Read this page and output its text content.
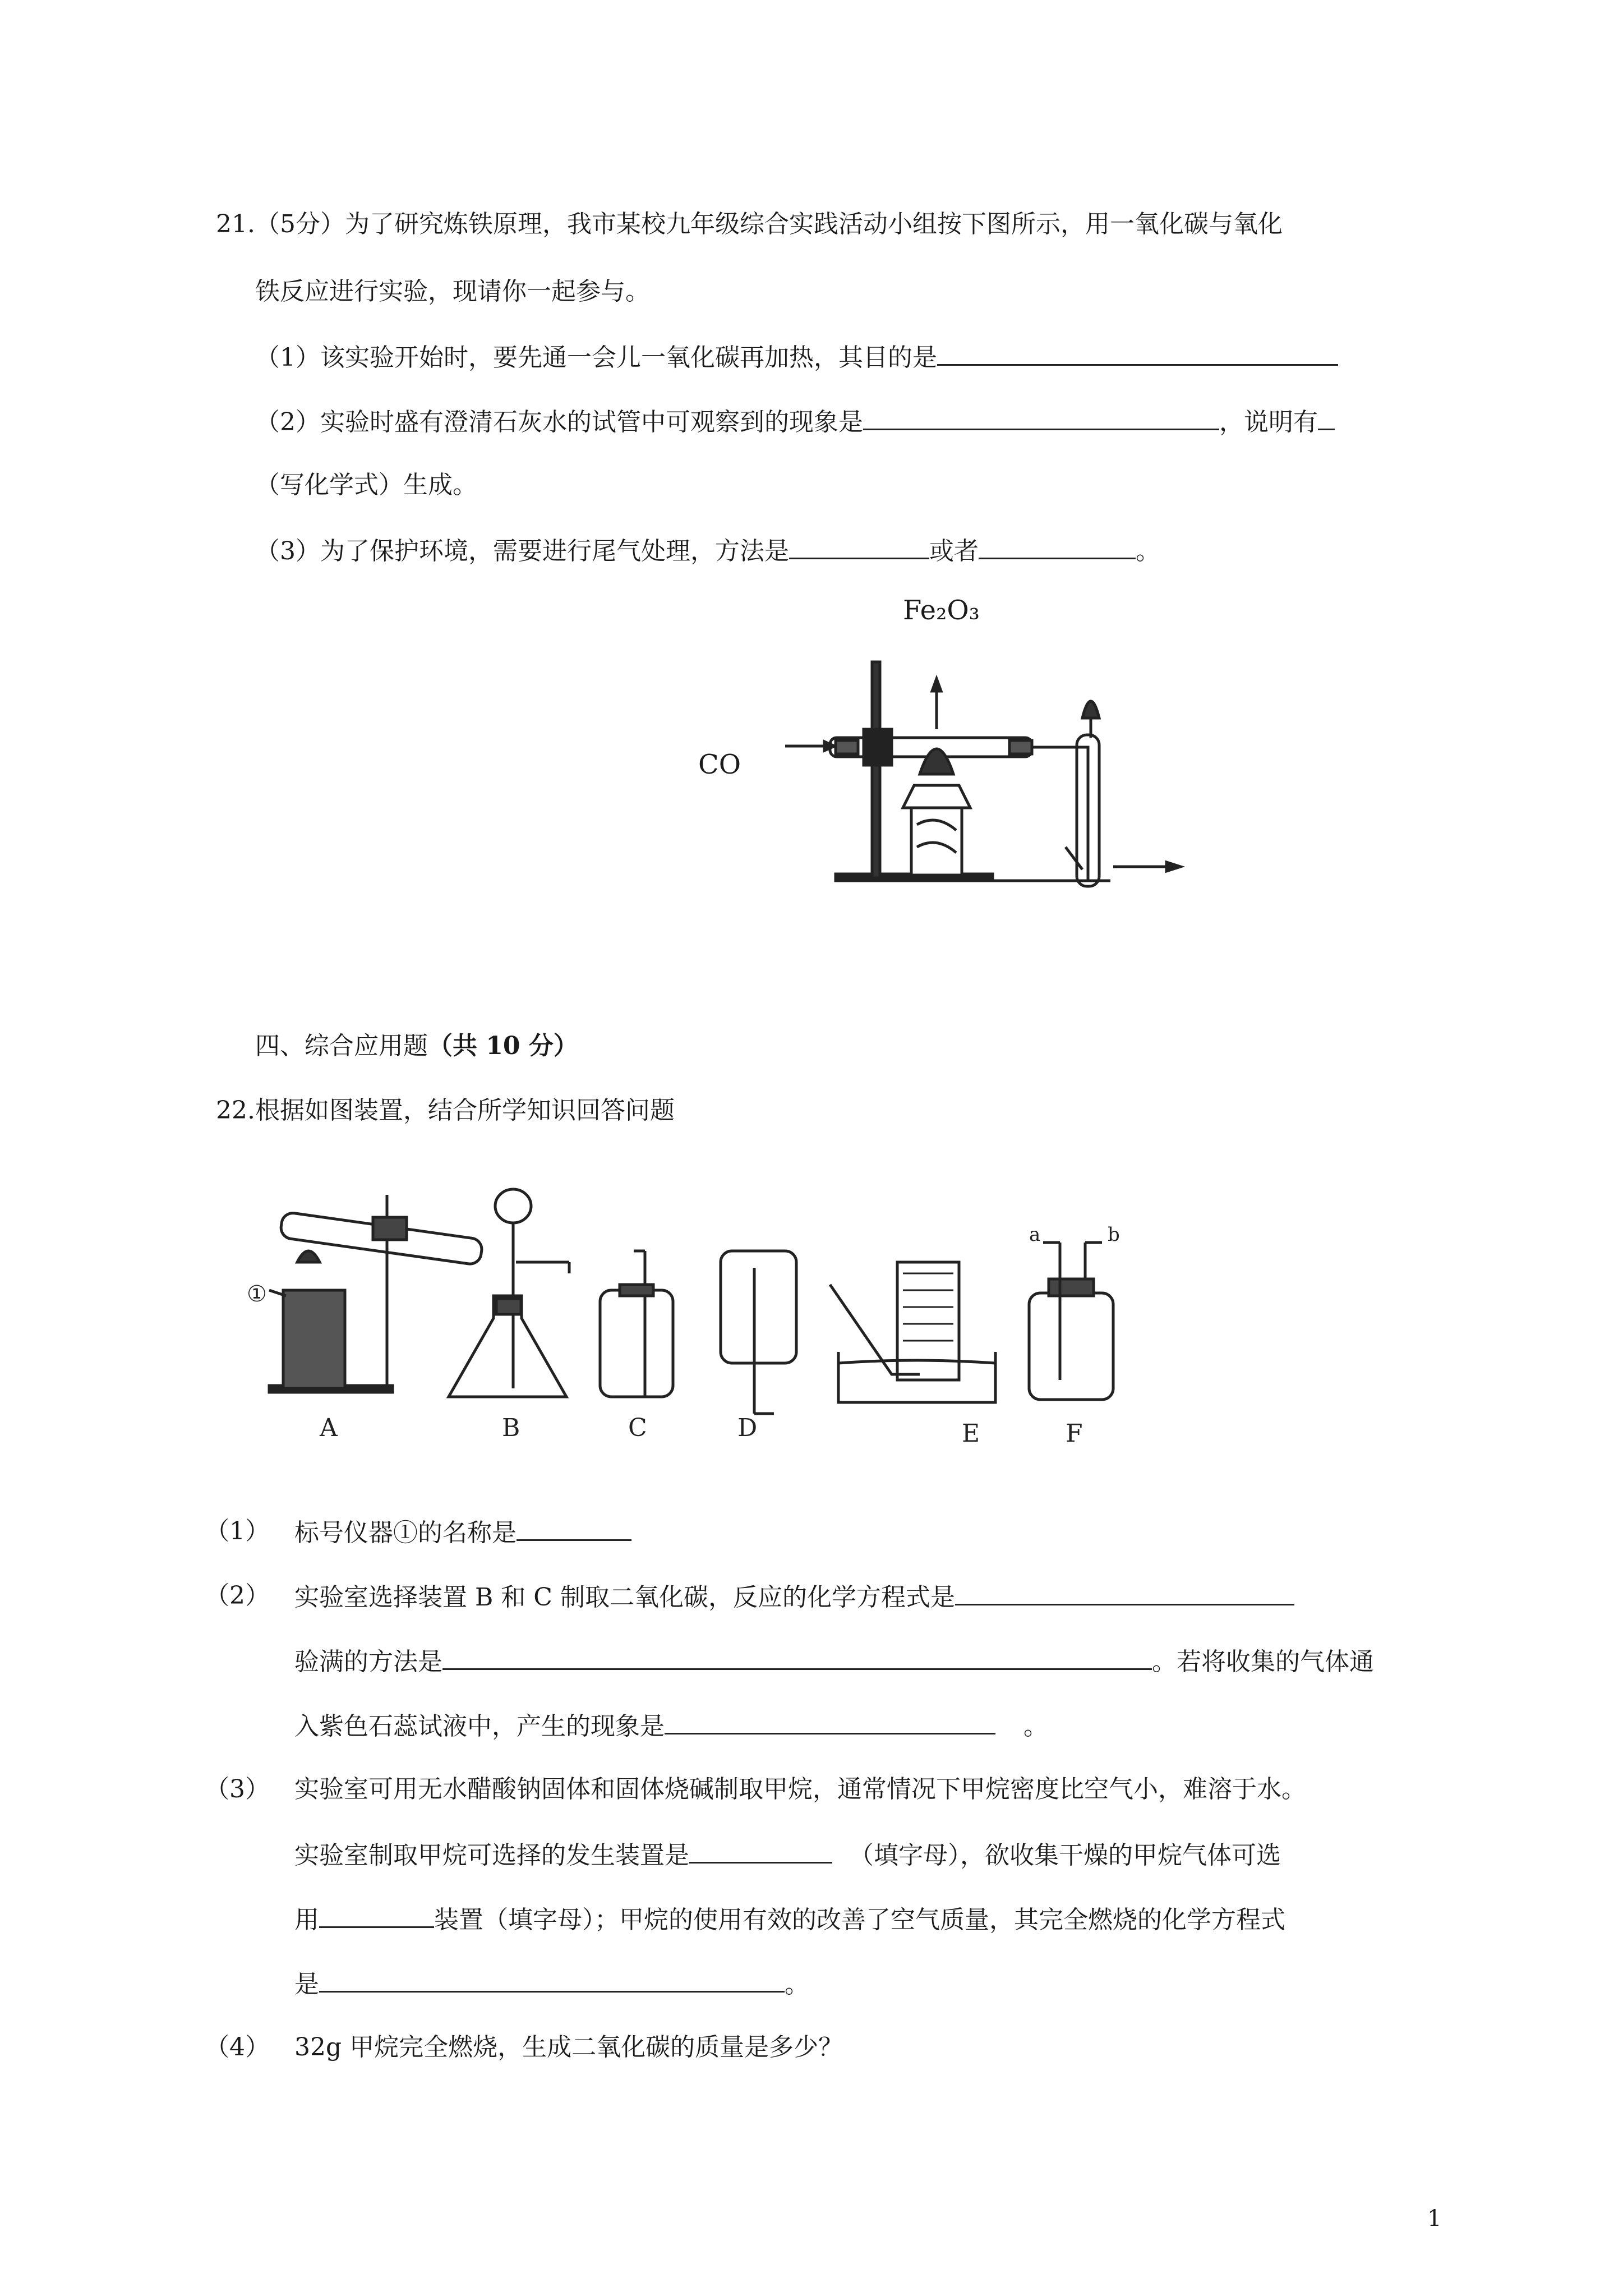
21.（5分）为了研究炼铁原理，我市某校九年级综合实践活动小组按下图所示，用一氧化碳与氧化
铁反应进行实验，现请你一起参与。
（1）该实验开始时，要先通一会儿一氧化碳再加热，其目的是
（2）实验时盛有澄清石灰水的试管中可观察到的现象是	，说明有
（写化学式）生成。
（3）为了保护环境，需要进行尾气处理，方法是	或者	。
Fe₂O₃
CO
四、综合应用题（共 10 分）
22.根据如图装置，结合所学知识回答问题
A	B	C	D	E	F
①
a	b
（1） 标号仪器①的名称是
（2） 实验室选择装置 B 和 C 制取二氧化碳，反应的化学方程式是
验满的方法是	。若将收集的气体通
入紫色石蕊试液中，产生的现象是	。
（3） 实验室可用无水醋酸钠固体和固体烧碱制取甲烷，通常情况下甲烷密度比空气小，难溶于水。
实验室制取甲烷可选择的发生装置是	（填字母），欲收集干燥的甲烷气体可选
用	装置（填字母）；甲烷的使用有效的改善了空气质量，其完全燃烧的化学方程式
是	。
（4） 32g 甲烷完全燃烧，生成二氧化碳的质量是多少？
1
